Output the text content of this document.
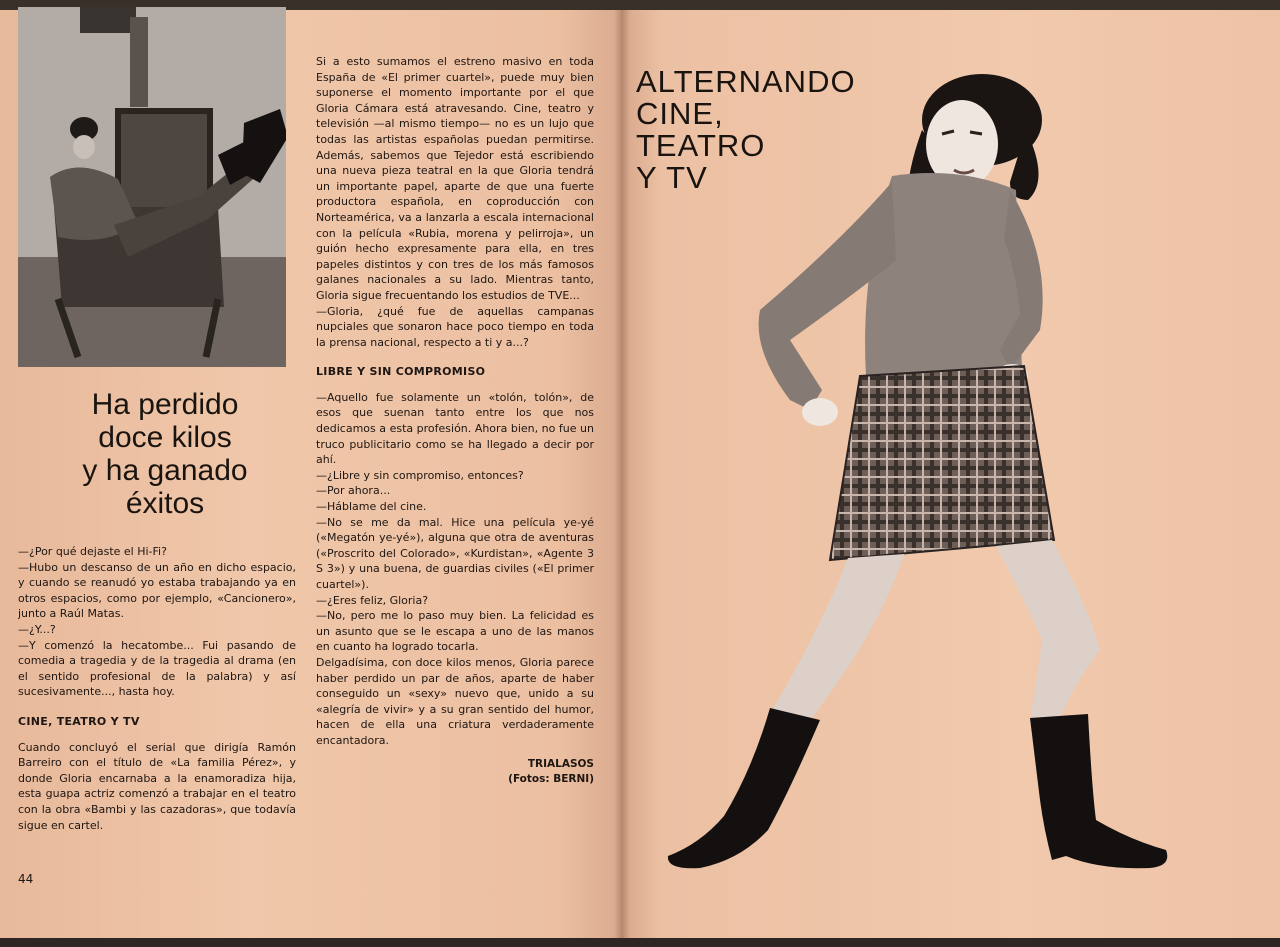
Ha perdido
doce kilos
y ha ganado
éxitos

—¿Por qué dejaste el Hi-Fi?

—Hubo un descanso de un año en dicho espacio, y cuando se reanudó yo estaba trabajando ya en otros espacios, como por ejemplo, «Cancionero», junto a Raúl Matas.

—¿Y...?

—Y comenzó la hecatombe... Fui pasando de comedia a tragedia y de la tragedia al drama (en el sentido profesional de la palabra) y así sucesivamente..., hasta hoy.

CINE, TEATRO Y TV

Cuando concluyó el serial que dirigía Ramón Barreiro con el título de «La familia Pérez», y donde Gloria encarnaba a la enamoradiza hija, esta guapa actriz comenzó a trabajar en el teatro con la obra «Bambi y las cazadoras», que todavía sigue en cartel.

Si a esto sumamos el estreno masivo en toda España de «El primer cuartel», puede muy bien suponerse el momento importante por el que Gloria Cámara está atravesando. Cine, teatro y televisión —al mismo tiempo— no es un lujo que todas las artistas españolas puedan permitirse. Además, sabemos que Tejedor está escribiendo una nueva pieza teatral en la que Gloria tendrá un importante papel, aparte de que una fuerte productora española, en coproducción con Norteamérica, va a lanzarla a escala internacional con la película «Rubia, morena y pelirroja», un guión hecho expresamente para ella, en tres papeles distintos y con tres de los más famosos galanes nacionales a su lado. Mientras tanto, Gloria sigue frecuentando los estudios de TVE...

—Gloria, ¿qué fue de aquellas campanas nupciales que sonaron hace poco tiempo en toda la prensa nacional, respecto a ti y a...?

LIBRE Y SIN COMPROMISO

—Aquello fue solamente un «tolón, tolón», de esos que suenan tanto entre los que nos dedicamos a esta profesión. Ahora bien, no fue un truco publicitario como se ha llegado a decir por ahí.

—¿Libre y sin compromiso, entonces?

—Por ahora...

—Háblame del cine.

—No se me da mal. Hice una película ye-yé («Megatón ye-yé»), alguna que otra de aventuras («Proscrito del Colorado», «Kurdistan», «Agente 3 S 3») y una buena, de guardias civiles («El primer cuartel»).

—¿Eres feliz, Gloria?

—No, pero me lo paso muy bien. La felicidad es un asunto que se le escapa a uno de las manos en cuanto ha logrado tocarla.

Delgadísima, con doce kilos menos, Gloria parece haber perdido un par de años, aparte de haber conseguido un «sexy» nuevo que, unido a su «alegría de vivir» y a su gran sentido del humor, hacen de ella una criatura verdaderamente encantadora.

TRIALASOS

(Fotos: BERNI)

44
ALTERNANDO
CINE,
TEATRO
Y TV
